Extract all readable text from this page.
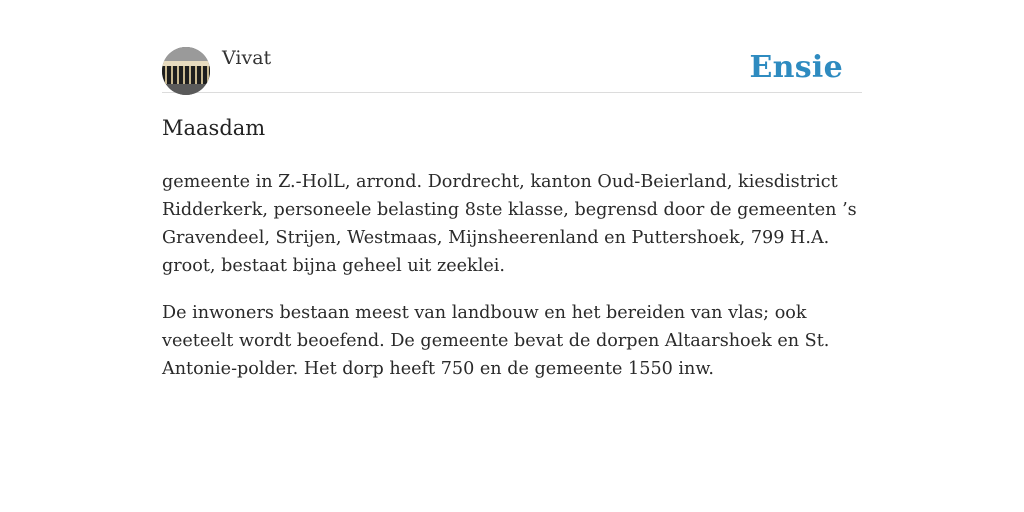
Vivat	Ensie
Maasdam

gemeente in Z.-HolL, arrond. Dordrecht, kanton Oud-Beierland, kiesdistrict Ridderkerk, personeele belasting 8ste klasse, begrensd door de gemeenten ’s Gravendeel, Strijen, Westmaas, Mijnsheerenland en Puttershoek, 799 H.A. groot, bestaat bijna geheel uit zeeklei.

De inwoners bestaan meest van landbouw en het bereiden van vlas; ook veeteelt wordt beoefend. De gemeente bevat de dorpen Altaarshoek en St. Antonie-polder. Het dorp heeft 750 en de gemeente 1550 inw.
